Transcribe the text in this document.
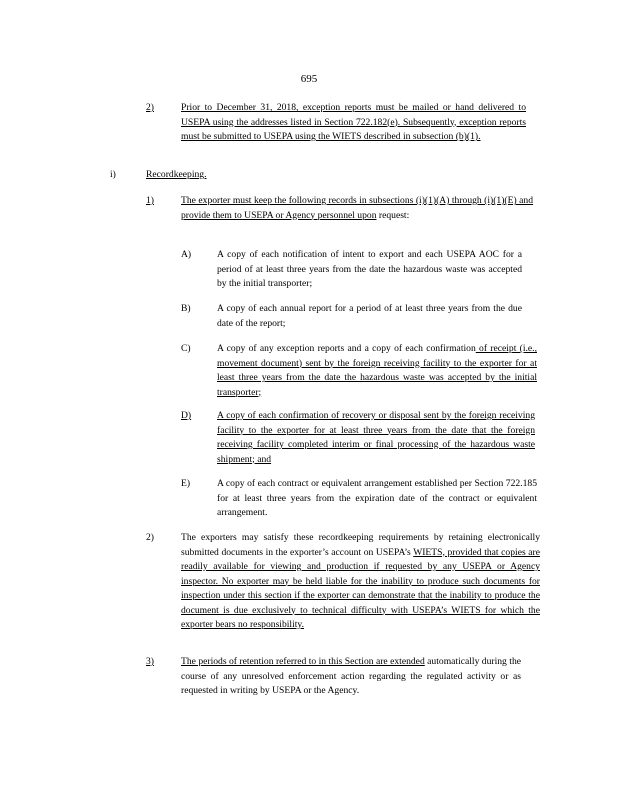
695
2)	Prior to December 31, 2018, exception reports must be mailed or hand delivered to USEPA using the addresses listed in Section 722.182(e). Subsequently, exception reports must be submitted to USEPA using the WIETS described in subsection (b)(1).
i)	Recordkeeping.
1)	The exporter must keep the following records in subsections (i)(1)(A) through (i)(1)(E) and provide them to USEPA or Agency personnel upon request:
A)	A copy of each notification of intent to export and each USEPA AOC for a period of at least three years from the date the hazardous waste was accepted by the initial transporter;
B)	A copy of each annual report for a period of at least three years from the due date of the report;
C)	A copy of any exception reports and a copy of each confirmation of receipt (i.e., movement document) sent by the foreign receiving facility to the exporter for at least three years from the date the hazardous waste was accepted by the initial transporter;
D)	A copy of each confirmation of recovery or disposal sent by the foreign receiving facility to the exporter for at least three years from the date that the foreign receiving facility completed interim or final processing of the hazardous waste shipment; and
E)	A copy of each contract or equivalent arrangement established per Section 722.185 for at least three years from the expiration date of the contract or equivalent arrangement.
2)	The exporters may satisfy these recordkeeping requirements by retaining electronically submitted documents in the exporter’s account on USEPA’s WIETS, provided that copies are readily available for viewing and production if requested by any USEPA or Agency inspector. No exporter may be held liable for the inability to produce such documents for inspection under this section if the exporter can demonstrate that the inability to produce the document is due exclusively to technical difficulty with USEPA’s WIETS for which the exporter bears no responsibility.
3)	The periods of retention referred to in this Section are extended automatically during the course of any unresolved enforcement action regarding the regulated activity or as requested in writing by USEPA or the Agency.
